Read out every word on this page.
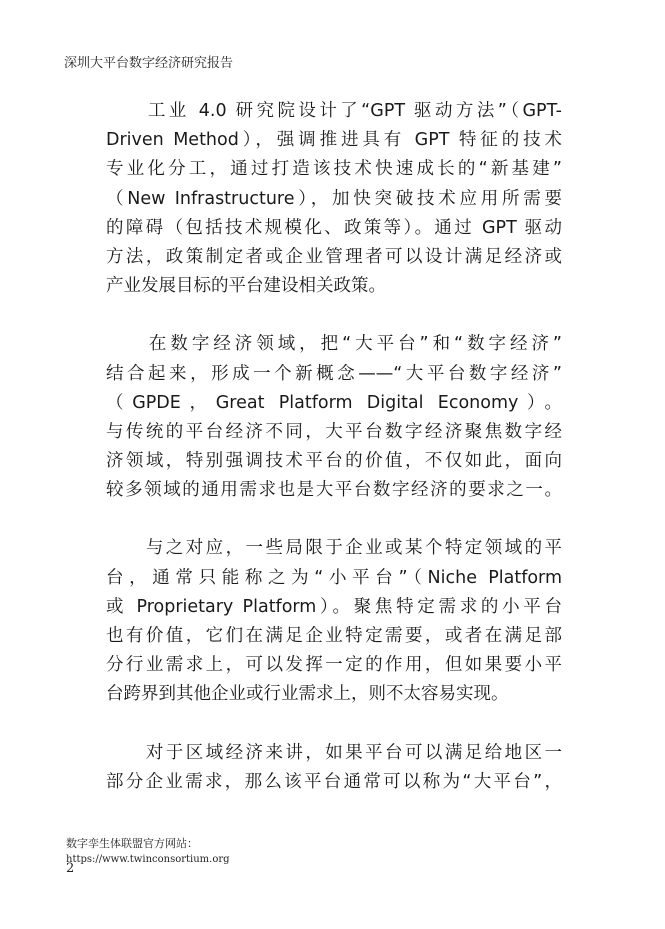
深圳大平台数字经济研究报告

　　工业 4.0 研究院设计了“GPT 驱动方法”（GPT-
Driven Method），强调推进具有 GPT 特征的技术
专业化分工，通过打造该技术快速成长的“新基建”
（New Infrastructure），加快突破技术应用所需要
的障碍（包括技术规模化、政策等）。通过 GPT 驱动
方法，政策制定者或企业管理者可以设计满足经济或
产业发展目标的平台建设相关政策。

　　在数字经济领域，把“大平台”和“数字经济”
结合起来，形成一个新概念——“大平台数字经济”
（GPDE，Great Platform Digital Economy）。
与传统的平台经济不同，大平台数字经济聚焦数字经
济领域，特别强调技术平台的价值，不仅如此，面向
较多领域的通用需求也是大平台数字经济的要求之一。

　　与之对应，一些局限于企业或某个特定领域的平
台，通常只能称之为“小平台”（Niche Platform
或 Proprietary Platform）。聚焦特定需求的小平台
也有价值，它们在满足企业特定需要，或者在满足部
分行业需求上，可以发挥一定的作用，但如果要小平
台跨界到其他企业或行业需求上，则不太容易实现。

　　对于区域经济来讲，如果平台可以满足给地区一
部分企业需求，那么该平台通常可以称为“大平台”，

数字孪生体联盟官方网站：
https://www.twinconsortium.org
2
